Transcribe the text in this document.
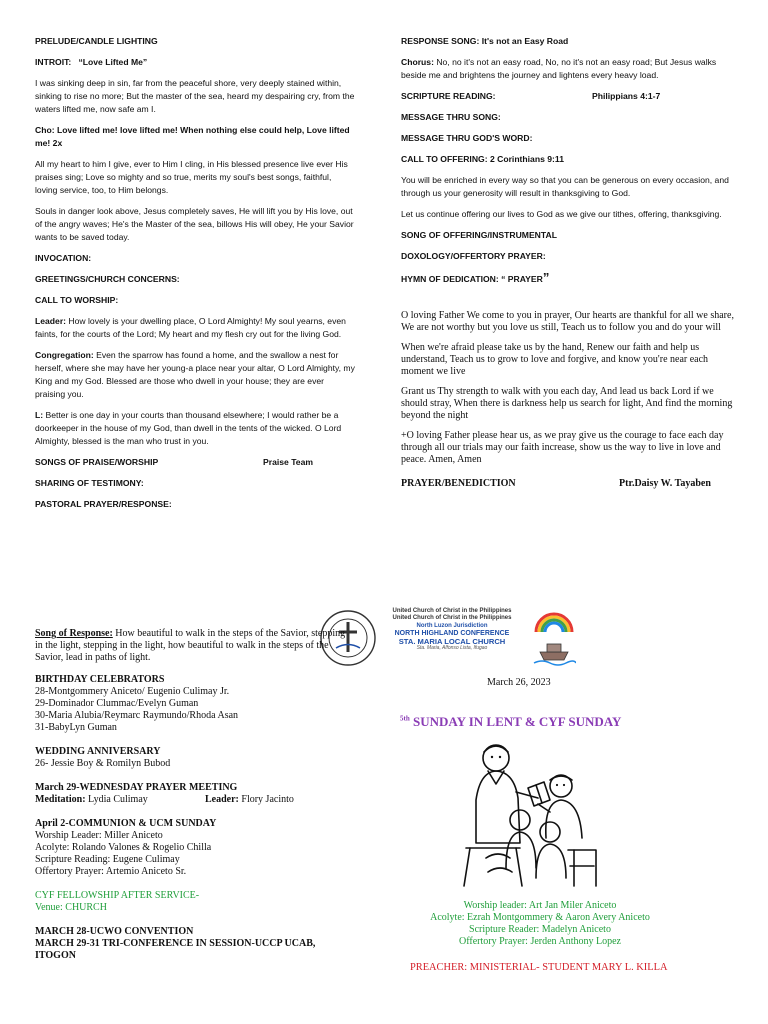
PRELUDE/CANDLE LIGHTING

INTROIT: “Love Lifted Me”

I was sinking deep in sin, far from the peaceful shore, very deeply stained within, sinking to rise no more; But the master of the sea, heard my despairing cry, from the waters lifted me, now safe am I.

Cho: Love lifted me! love lifted me! When nothing else could help, Love lifted me! 2x

All my heart to him I give, ever to Him I cling, in His blessed presence live ever His praises sing; Love so mighty and so true, merits my soul's best songs, faithful, loving service, too, to Him belongs.

Souls in danger look above, Jesus completely saves, He will lift you by His love, out of the angry waves; He's the Master of the sea, billows His will obey, He your Savior wants to be saved today.

INVOCATION:

GREETINGS/CHURCH CONCERNS:

CALL TO WORSHIP:

Leader: How lovely is your dwelling place, O Lord Almighty! My soul yearns, even faints, for the courts of the Lord; My heart and my flesh cry out for the living God.

Congregation: Even the sparrow has found a home, and the swallow a nest for herself, where she may have her young-a place near your altar, O Lord Almighty, my King and my God. Blessed are those who dwell in your house; they are ever praising you.

L: Better is one day in your courts than thousand elsewhere; I would rather be a doorkeeper in the house of my God, than dwell in the tents of the wicked. O Lord Almighty, blessed is the man who trust in you.

SONGS OF PRAISE/WORSHIP	Praise Team

SHARING OF TESTIMONY:

PASTORAL PRAYER/RESPONSE:

RESPONSE SONG: It's not an Easy Road

Chorus: No, no it's not an easy road, No, no it's not an easy road; But Jesus walks beside me and brightens the journey and lightens every heavy load.

SCRIPTURE READING:	Philippians 4:1-7

MESSAGE THRU SONG:

MESSAGE THRU GOD'S WORD:

CALL TO OFFERING: 2 Corinthians 9:11

You will be enriched in every way so that you can be generous on every occasion, and through us your generosity will result in thanksgiving to God.

Let us continue offering our lives to God as we give our tithes, offering, thanksgiving.

SONG OF OFFERING/INSTRUMENTAL

DOXOLOGY/OFFERTORY PRAYER:

HYMN OF DEDICATION: “ PRAYER”

O loving Father We come to you in prayer, Our hearts are thankful for all we share, We are not worthy but you love us still, Teach us to follow you and do your will

When we're afraid please take us by the hand, Renew our faith and help us understand, Teach us to grow to love and forgive, and know you're near each moment we live

Grant us Thy strength to walk with you each day, And lead us back Lord if we should stray, When there is darkness help us search for light, And find the morning beyond the night

+O loving Father please hear us, as we pray give us the courage to face each day through all our trials may our faith increase, show us the way to live in love and peace. Amen, Amen

PRAYER/BENEDICTION	Ptr.Daisy W. Tayaben

United Church of Christ in the Philippines
United Church of Christ in the Philippines
North Luzon Jurisdiction
NORTH HIGHLAND CONFERENCE
STA. MARIA LOCAL CHURCH
Sta. Maria, Alfonso Lista, Ifugao

Song of Response: How beautiful to walk in the steps of the Savior, stepping in the light, stepping in the light, how beautiful to walk in the steps of the Savior, lead in paths of light.

BIRTHDAY CELEBRATORS

28-Montgommery Aniceto/ Eugenio Culimay Jr.

29-Dominador Clummac/Evelyn Guman

30-Maria Alubia/Reymarc Raymundo/Rhoda Asan

31-BabyLyn Guman

WEDDING ANNIVERSARY

26- Jessie Boy & Romilyn Bubod

March 29-WEDNESDAY PRAYER MEETING

Meditation: Lydia Culimay	Leader: Flory Jacinto

April 2-COMMUNION & UCM SUNDAY

Worship Leader: Miller Aniceto

Acolyte: Rolando Valones & Rogelio Chilla

Scripture Reading: Eugene Culimay

Offertory Prayer: Artemio Aniceto Sr.

CYF FELLOWSHIP AFTER SERVICE-

Venue: CHURCH

MARCH 28-UCWO CONVENTION

MARCH 29-31 TRI-CONFERENCE IN SESSION-UCCP UCAB, ITOGON

March 26, 2023
$^{5th}$ SUNDAY IN LENT & CYF SUNDAY

Worship leader: Art Jan Miler Aniceto

Acolyte: Ezrah Montgommery & Aaron Avery Aniceto

Scripture Reader: Madelyn Aniceto

Offertory Prayer: Jerden Anthony Lopez

PREACHER: MINISTERIAL- STUDENT MARY L. KILLA
